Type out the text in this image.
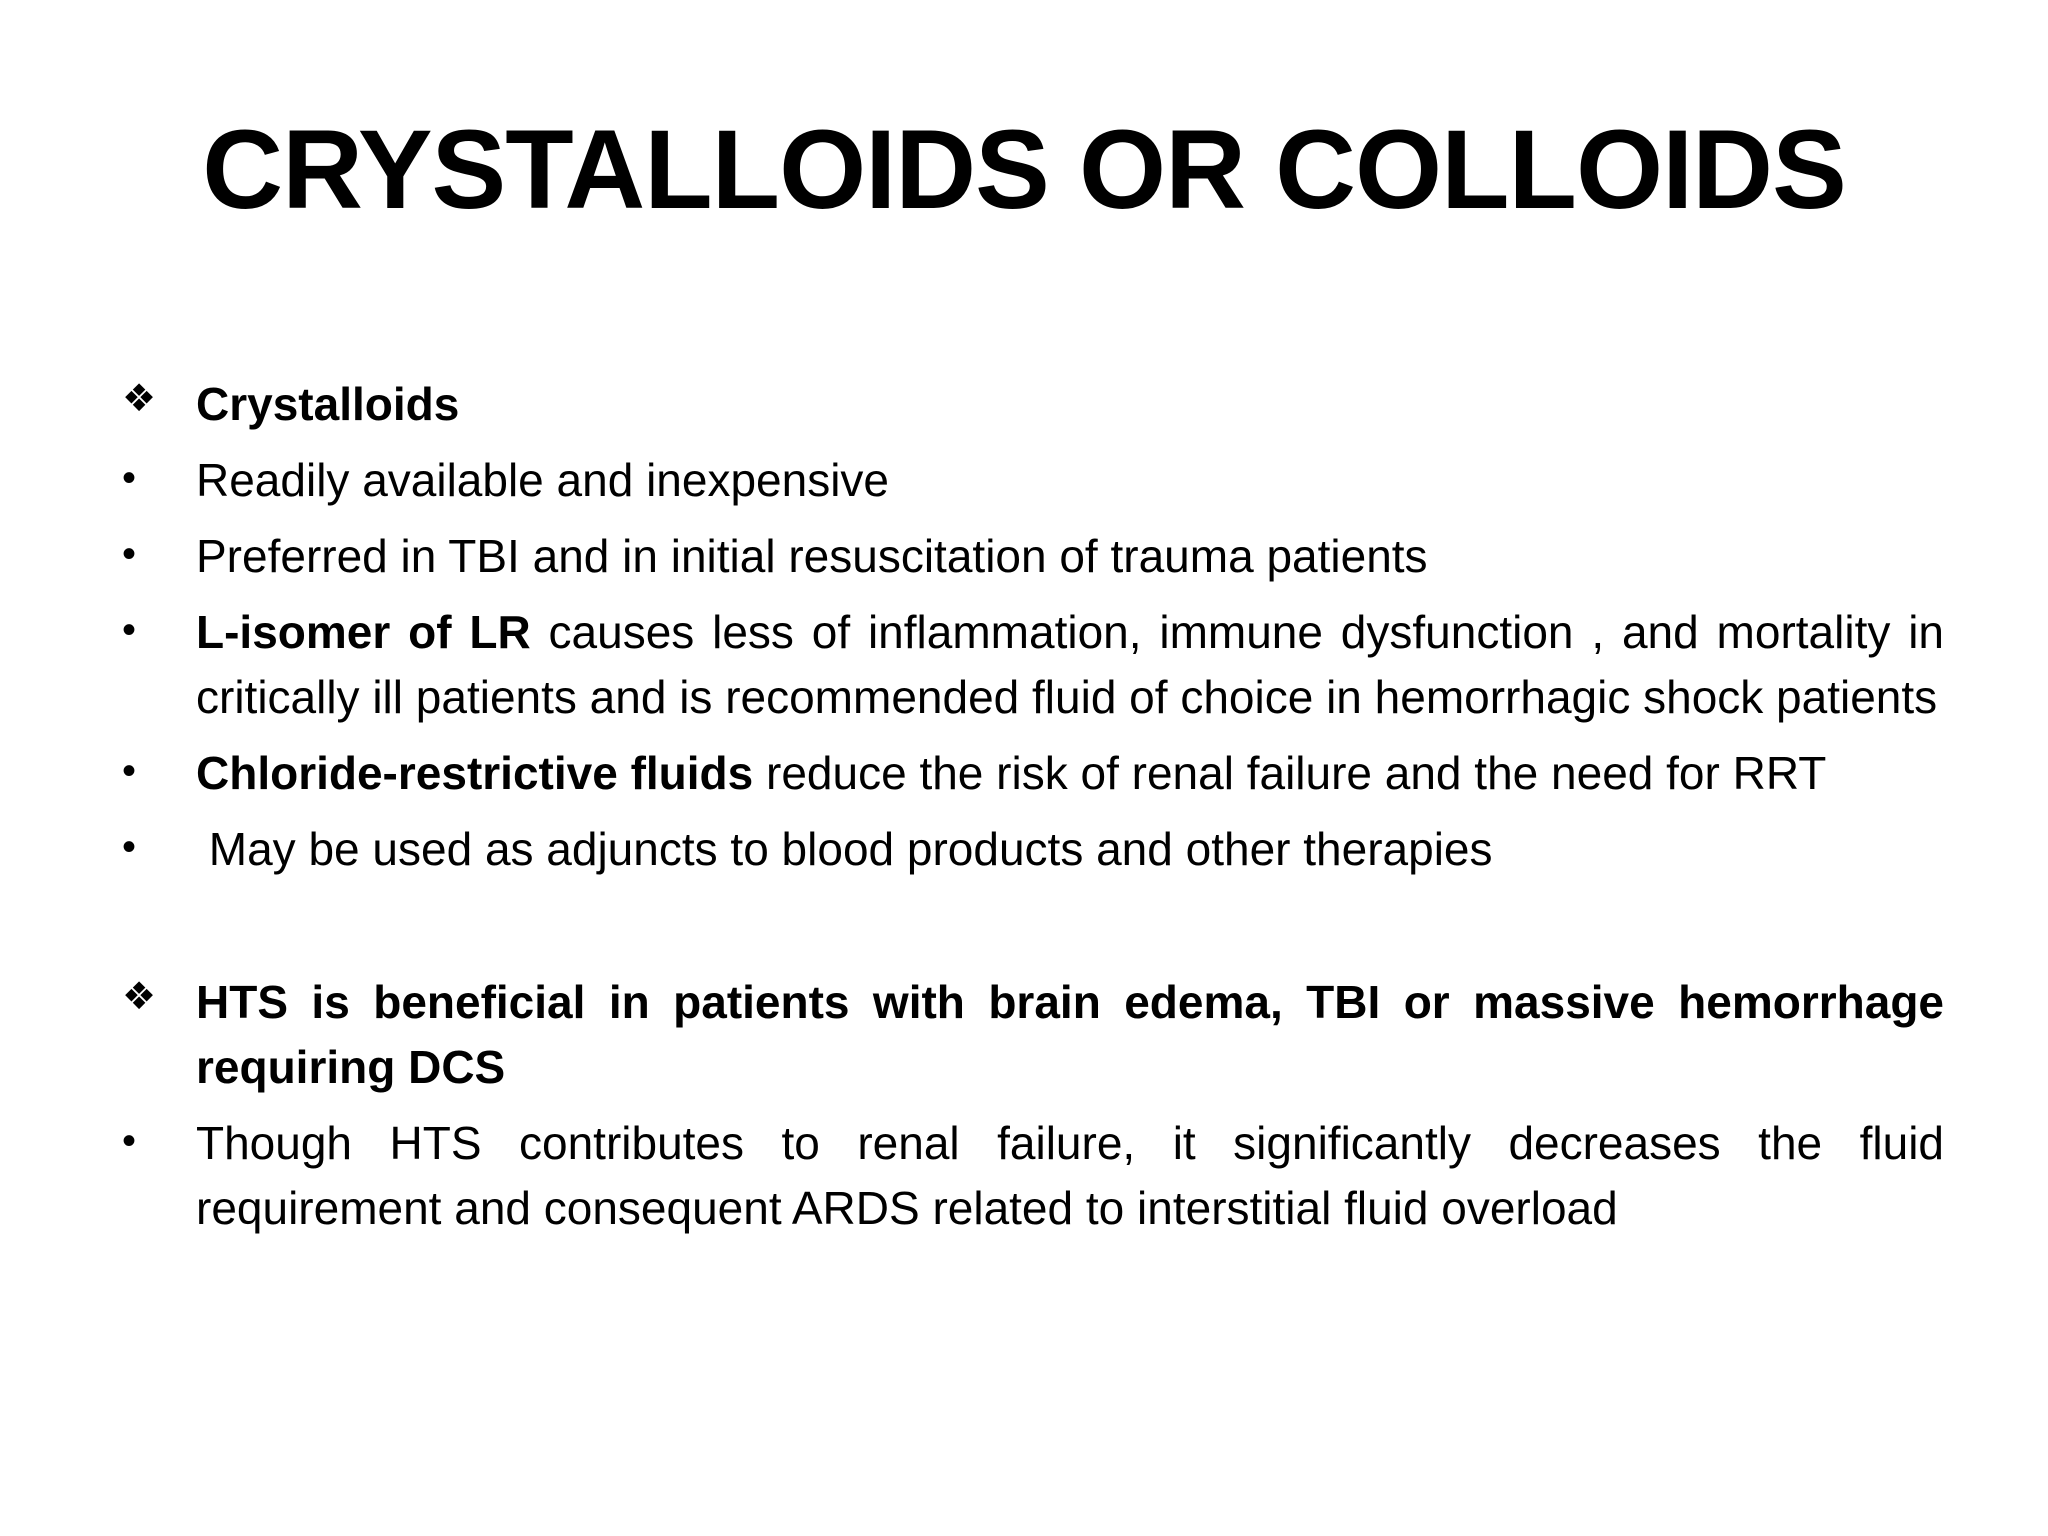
CRYSTALLOIDS OR COLLOIDS
❖ Crystalloids
•	Readily available and inexpensive
•	Preferred in TBI and in initial resuscitation of trauma patients
•	L-isomer of LR causes less of inflammation, immune dysfunction , and mortality in critically ill patients and is recommended fluid of choice in hemorrhagic shock patients
•	Chloride-restrictive fluids reduce the risk of renal failure and the need for RRT
•	May be used as adjuncts to blood products and other therapies
❖ HTS is beneficial in patients with brain edema, TBI or massive hemorrhage requiring DCS
•	Though HTS contributes to renal failure, it significantly decreases the fluid requirement and consequent ARDS related to interstitial fluid overload
